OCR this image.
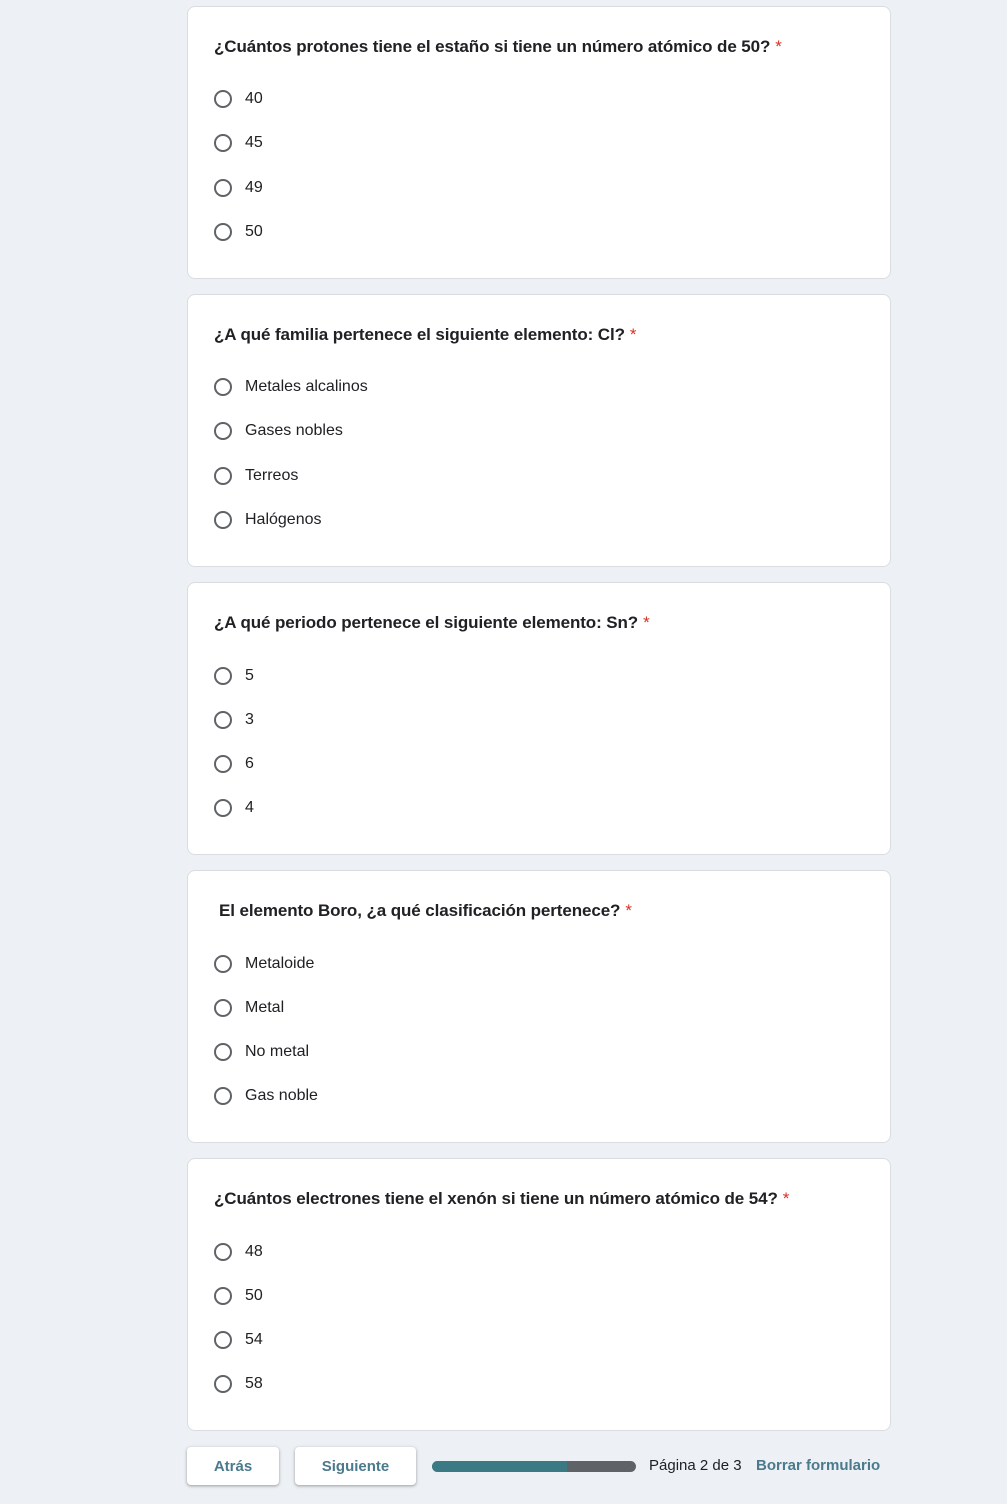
¿Cuántos protones tiene el estaño si tiene un número atómico de 50? *
40
45
49
50
¿A qué familia pertenece el siguiente elemento: Cl? *
Metales alcalinos
Gases nobles
Terreos
Halógenos
¿A qué periodo pertenece el siguiente elemento: Sn? *
5
3
6
4
El elemento Boro, ¿a qué clasificación pertenece? *
Metaloide
Metal
No metal
Gas noble
¿Cuántos electrones tiene el xenón si tiene un número atómico de 54? *
48
50
54
58
Atrás	Siguiente	Página 2 de 3 Borrar formulario
